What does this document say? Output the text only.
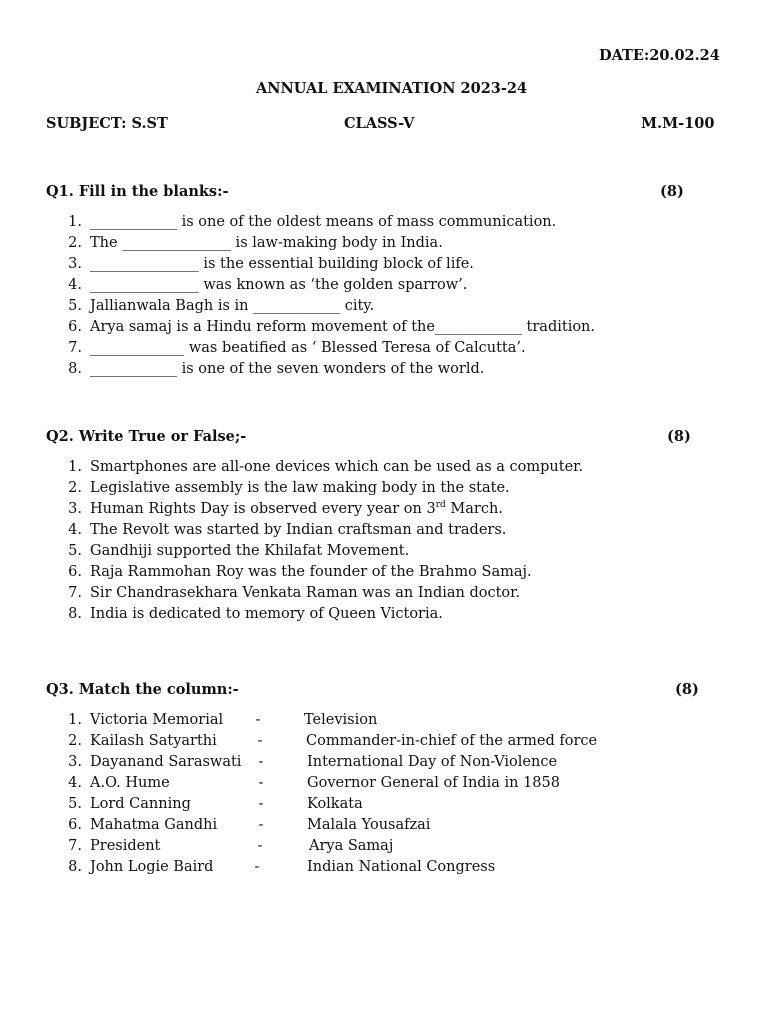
DATE:20.02.24
ANNUAL EXAMINATION 2023-24
SUBJECT: S.ST	CLASS-V	M.M-100
Q1. Fill in the blanks:-	(8)
1. ____________ is one of the oldest means of mass communication.
2. The _______________ is law-making body in India.
3. _______________ is the essential building block of life.
4. _______________ was known as ‘the golden sparrow’.
5. Jallianwala Bagh is in ____________ city.
6. Arya samaj is a Hindu reform movement of the____________ tradition.
7. _____________ was beatified as ‘ Blessed Teresa of Calcutta’.
8. ____________ is one of the seven wonders of the world.
Q2. Write True or False;-	(8)
1. Smartphones are all-one devices which can be used as a computer.
2. Legislative assembly is the law making body in the state.
3. Human Rights Day is observed every year on 3rd March.
4. The Revolt was started by Indian craftsman and traders.
5. Gandhiji supported the Khilafat Movement.
6. Raja Rammohan Roy was the founder of the Brahmo Samaj.
7. Sir Chandrasekhara Venkata Raman was an Indian doctor.
8. India is dedicated to memory of Queen Victoria.
Q3. Match the column:-	(8)
1. Victoria Memorial -	Television
2. Kailash Satyarthi	-	Commander-in-chief of the armed force
3. Dayanand Saraswati -	International Day of Non-Violence
4. A.O. Hume	-	Governor General of India in 1858
5. Lord Canning	-	Kolkata
6. Mahatma Gandhi	-	Malala Yousafzai
7. President	-	Arya Samaj
8. John Logie Baird	-	Indian National Congress
